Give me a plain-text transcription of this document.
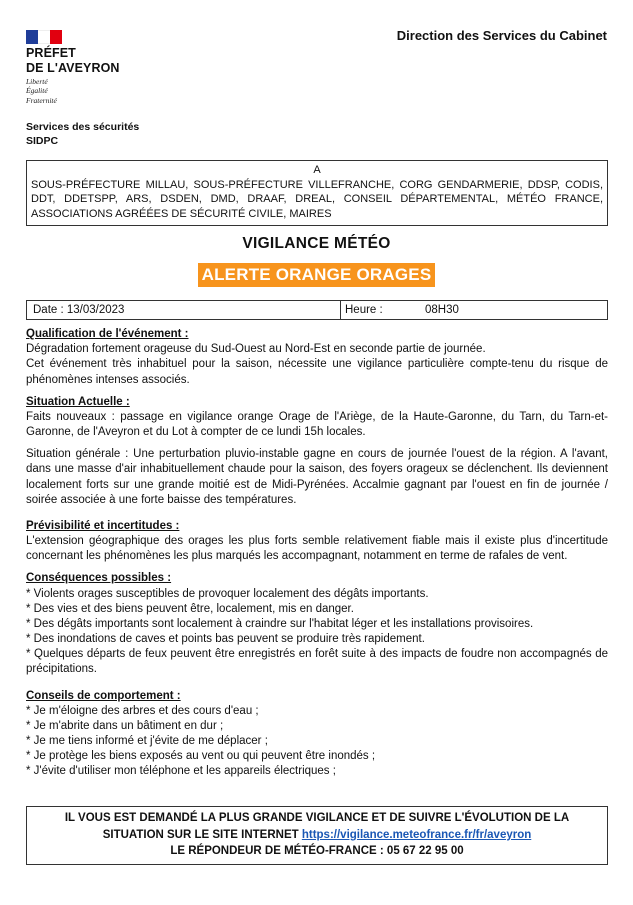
PRÉFET
DE L'AVEYRON
Liberté
Égalité
Fraternité
Direction des Services du Cabinet
Services des sécurités
SIDPC
A
SOUS-PRÉFECTURE MILLAU, SOUS-PRÉFECTURE VILLEFRANCHE, CORG GENDARMERIE, DDSP, CODIS, DDT, DDETSPP, ARS, DSDEN, DMD, DRAAF, DREAL, CONSEIL DÉPARTEMENTAL, MÉTÉO FRANCE, ASSOCIATIONS AGRÉÉES DE SÉCURITÉ CIVILE, MAIRES
VIGILANCE MÉTÉO
ALERTE ORANGE ORAGES
Date : 13/03/2023	Heure :	08H30
Qualification de l'événement :

Dégradation fortement orageuse du Sud-Ouest au Nord-Est en seconde partie de journée.

Cet événement très inhabituel pour la saison, nécessite une vigilance particulière compte-tenu du risque de phénomènes intenses associés.

Situation Actuelle :

Faits nouveaux : passage en vigilance orange Orage de l'Ariège, de la Haute-Garonne, du Tarn, du Tarn-et-Garonne, de l'Aveyron et du Lot à compter de ce lundi 15h locales.

Situation générale : Une perturbation pluvio-instable gagne en cours de journée l'ouest de la région. A l'avant, dans une masse d'air inhabituellement chaude pour la saison, des foyers orageux se déclenchent. Ils deviennent localement forts sur une grande moitié est de Midi-Pyrénées. Accalmie gagnant par l'ouest en fin de journée / soirée associée à une forte baisse des températures.

Prévisibilité et incertitudes :

L'extension géographique des orages les plus forts semble relativement fiable mais il existe plus d'incertitude concernant les phénomènes les plus marqués les accompagnant, notamment en terme de rafales de vent.

Conséquences possibles :

* Violents orages susceptibles de provoquer localement des dégâts importants.

* Des vies et des biens peuvent être, localement, mis en danger.

* Des dégâts importants sont localement à craindre sur l'habitat léger et les installations provisoires.

* Des inondations de caves et points bas peuvent se produire très rapidement.

* Quelques départs de feux peuvent être enregistrés en forêt suite à des impacts de foudre non accompagnés de précipitations.

Conseils de comportement :

* Je m'éloigne des arbres et des cours d'eau ;

* Je m'abrite dans un bâtiment en dur ;

* Je me tiens informé et j'évite de me déplacer ;

* Je protège les biens exposés au vent ou qui peuvent être inondés ;

* J'évite d'utiliser mon téléphone et les appareils électriques ;

IL VOUS EST DEMANDÉ LA PLUS GRANDE VIGILANCE ET DE SUIVRE L'ÉVOLUTION DE LA
SITUATION SUR LE SITE INTERNET https://vigilance.meteofrance.fr/fr/aveyron
LE RÉPONDEUR DE MÉTÉO-FRANCE : 05 67 22 95 00
